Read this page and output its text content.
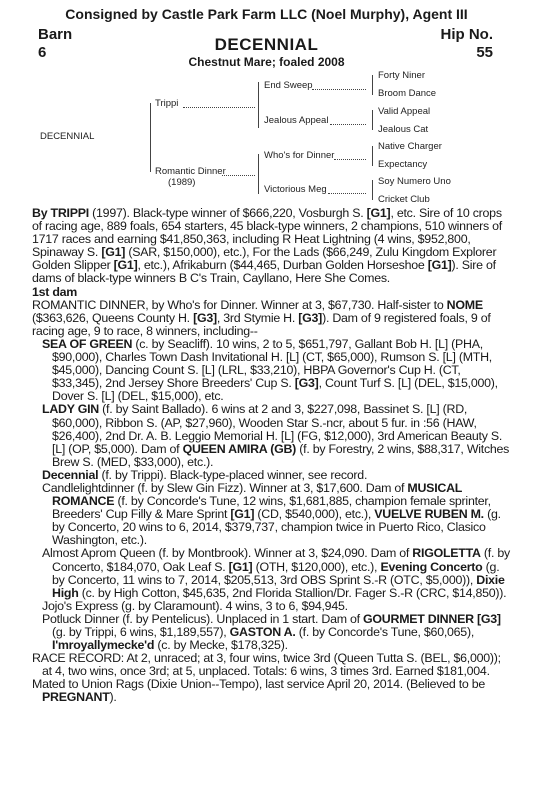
Consigned by Castle Park Farm LLC (Noel Murphy), Agent III
Barn
6
Hip No.
55
DECENNIAL
Chestnut Mare; foaled 2008
DECENNIAL
Trippi
End Sweep
Forty Niner
Broom Dance
Jealous Appeal
Valid Appeal
Jealous Cat
Romantic Dinner
(1989)
Who's for Dinner
Native Charger
Expectancy
Victorious Meg
Soy Numero Uno
Cricket Club

By TRIPPI (1997). Black-type winner of $666,220, Vosburgh S. [G1], etc. Sire of 10 crops of racing age, 889 foals, 654 starters, 45 black-type winners, 2 champions, 510 winners of 1717 races and earning $41,850,363, including R Heat Lightning (4 wins, $952,800, Spinaway S. [G1] (SAR, $150,000), etc.), For the Lads ($66,249, Zulu Kingdom Explorer Golden Slipper [G1], etc.), Afrikaburn ($44,465, Durban Golden Horseshoe [G1]). Sire of dams of black-type winners B C's Train, Cayllano, Here She Comes.

1st dam

ROMANTIC DINNER, by Who's for Dinner. Winner at 3, $67,730. Half-sister to NOME ($363,626, Queens County H. [G3], 3rd Stymie H. [G3]). Dam of 9 registered foals, 9 of racing age, 9 to race, 8 winners, including--

SEA OF GREEN (c. by Seacliff). 10 wins, 2 to 5, $651,797, Gallant Bob H. [L] (PHA, $90,000), Charles Town Dash Invitational H. [L] (CT, $65,000), Rumson S. [L] (MTH, $45,000), Dancing Count S. [L] (LRL, $33,210), HBPA Governor's Cup H. (CT, $33,345), 2nd Jersey Shore Breeders' Cup S. [G3], Count Turf S. [L] (DEL, $15,000), Dover S. [L] (DEL, $15,000), etc.

LADY GIN (f. by Saint Ballado). 6 wins at 2 and 3, $227,098, Bassinet S. [L] (RD, $60,000), Ribbon S. (AP, $27,960), Wooden Star S.-ncr, about 5 fur. in :56 (HAW, $26,400), 2nd Dr. A. B. Leggio Memorial H. [L] (FG, $12,000), 3rd American Beauty S. [L] (OP, $5,000). Dam of QUEEN AMIRA (GB) (f. by Forestry, 2 wins, $88,317, Witches Brew S. (MED, $33,000), etc.).

Decennial (f. by Trippi). Black-type-placed winner, see record.

Candlelightdinner (f. by Slew Gin Fizz). Winner at 3, $17,600. Dam of MUSICAL ROMANCE (f. by Concorde's Tune, 12 wins, $1,681,885, champion female sprinter, Breeders' Cup Filly & Mare Sprint [G1] (CD, $540,000), etc.), VUELVE RUBEN M. (g. by Concerto, 20 wins to 6, 2014, $379,737, champion twice in Puerto Rico, Clasico Washington, etc.).

Almost Aprom Queen (f. by Montbrook). Winner at 3, $24,090. Dam of RIGOLETTA (f. by Concerto, $184,070, Oak Leaf S. [G1] (OTH, $120,000), etc.), Evening Concerto (g. by Concerto, 11 wins to 7, 2014, $205,513, 3rd OBS Sprint S.-R (OTC, $5,000)), Dixie High (c. by High Cotton, $45,635, 2nd Florida Stallion/Dr. Fager S.-R (CRC, $14,850)).

Jojo's Express (g. by Claramount). 4 wins, 3 to 6, $94,945.

Potluck Dinner (f. by Pentelicus). Unplaced in 1 start. Dam of GOURMET DINNER [G3] (g. by Trippi, 6 wins, $1,189,557), GASTON A. (f. by Concorde's Tune, $60,065), I'mroyallymecke'd (c. by Mecke, $178,325).

RACE RECORD: At 2, unraced; at 3, four wins, twice 3rd (Queen Tutta S. (BEL, $6,000)); at 4, two wins, once 3rd; at 5, unplaced. Totals: 6 wins, 3 times 3rd. Earned $181,004.

Mated to Union Rags (Dixie Union--Tempo), last service April 20, 2014. (Believed to be PREGNANT).
